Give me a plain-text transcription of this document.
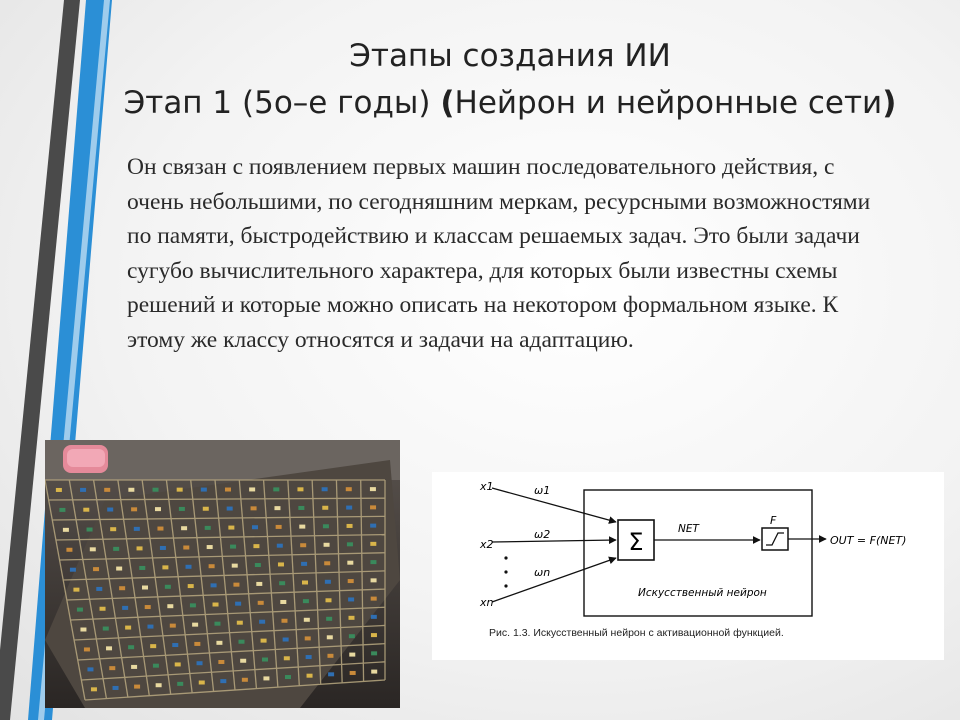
Этапы создания ИИ
Этап 1 (5o–е годы) (Нейрон и нейронные сети)
Он связан с появлением первых машин последовательного действия, с очень небольшими, по сегодняшним меркам, ресурсными возможностями по памяти, быстродействию и классам решаемых задач. Это были задачи сугубо вычислительного характера, для которых были известны схемы решений и которые можно описать на некотором формальном языке. К этому же классу относятся и задачи на адаптацию.
Σ
x1
x2
xn
ω1
ω2
ωn
NET
F
OUT = F(NET)
Искусственный нейрон
Рис. 1.3. Искусственный нейрон с активационной функцией.
